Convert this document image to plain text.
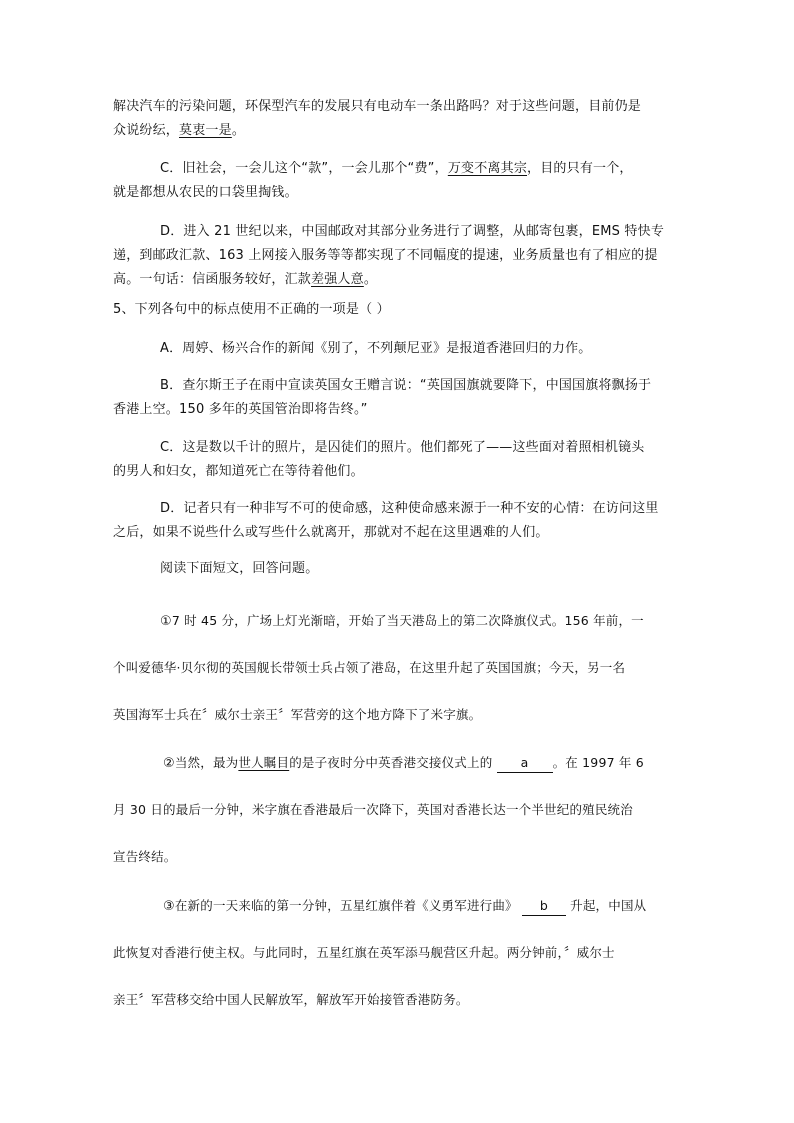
解决汽车的污染问题，环保型汽车的发展只有电动车一条出路吗？对于这些问题，目前仍是
众说纷纭，莫衷一是。
C．旧社会，一会儿这个“款”，一会儿那个“费”，万变不离其宗，目的只有一个，
就是都想从农民的口袋里掏钱。
D．进入 21 世纪以来，中国邮政对其部分业务进行了调整，从邮寄包裹，EMS 特快专
递，到邮政汇款、163 上网接入服务等等都实现了不同幅度的提速，业务质量也有了相应的提
高。一句话：信函服务较好，汇款差强人意。
5、下列各句中的标点使用不正确的一项是（ ）
A．周婷、杨兴合作的新闻《别了，不列颠尼亚》是报道香港回归的力作。
B．查尔斯王子在雨中宣读英国女王赠言说：“英国国旗就要降下，中国国旗将飘扬于
香港上空。150 多年的英国管治即将告终。”
C．这是数以千计的照片，是囚徒们的照片。他们都死了——这些面对着照相机镜头
的男人和妇女，都知道死亡在等待着他们。
D．记者只有一种非写不可的使命感，这种使命感来源于一种不安的心情：在访问这里
之后，如果不说些什么或写些什么就离开，那就对不起在这里遇难的人们。
阅读下面短文，回答问题。
①7 时 45 分，广场上灯光渐暗，开始了当天港岛上的第二次降旗仪式。156 年前，一
个叫爱德华·贝尔彻的英国舰长带领士兵占领了港岛，在这里升起了英国国旗；今天，另一名
英国海军士兵在〞威尔士亲王〞军营旁的这个地方降下了米字旗。
②当然，最为世人瞩目的是子夜时分中英香港交接仪式上的 a 。在 1997 年 6
月 30 日的最后一分钟，米字旗在香港最后一次降下，英国对香港长达一个半世纪的殖民统治
宣告终结。
③在新的一天来临的第一分钟，五星红旗伴着《义勇军进行曲》 b 升起，中国从
此恢复对香港行使主权。与此同时，五星红旗在英军添马舰营区升起。两分钟前，〞威尔士
亲王〞军营移交给中国人民解放军，解放军开始接管香港防务。
